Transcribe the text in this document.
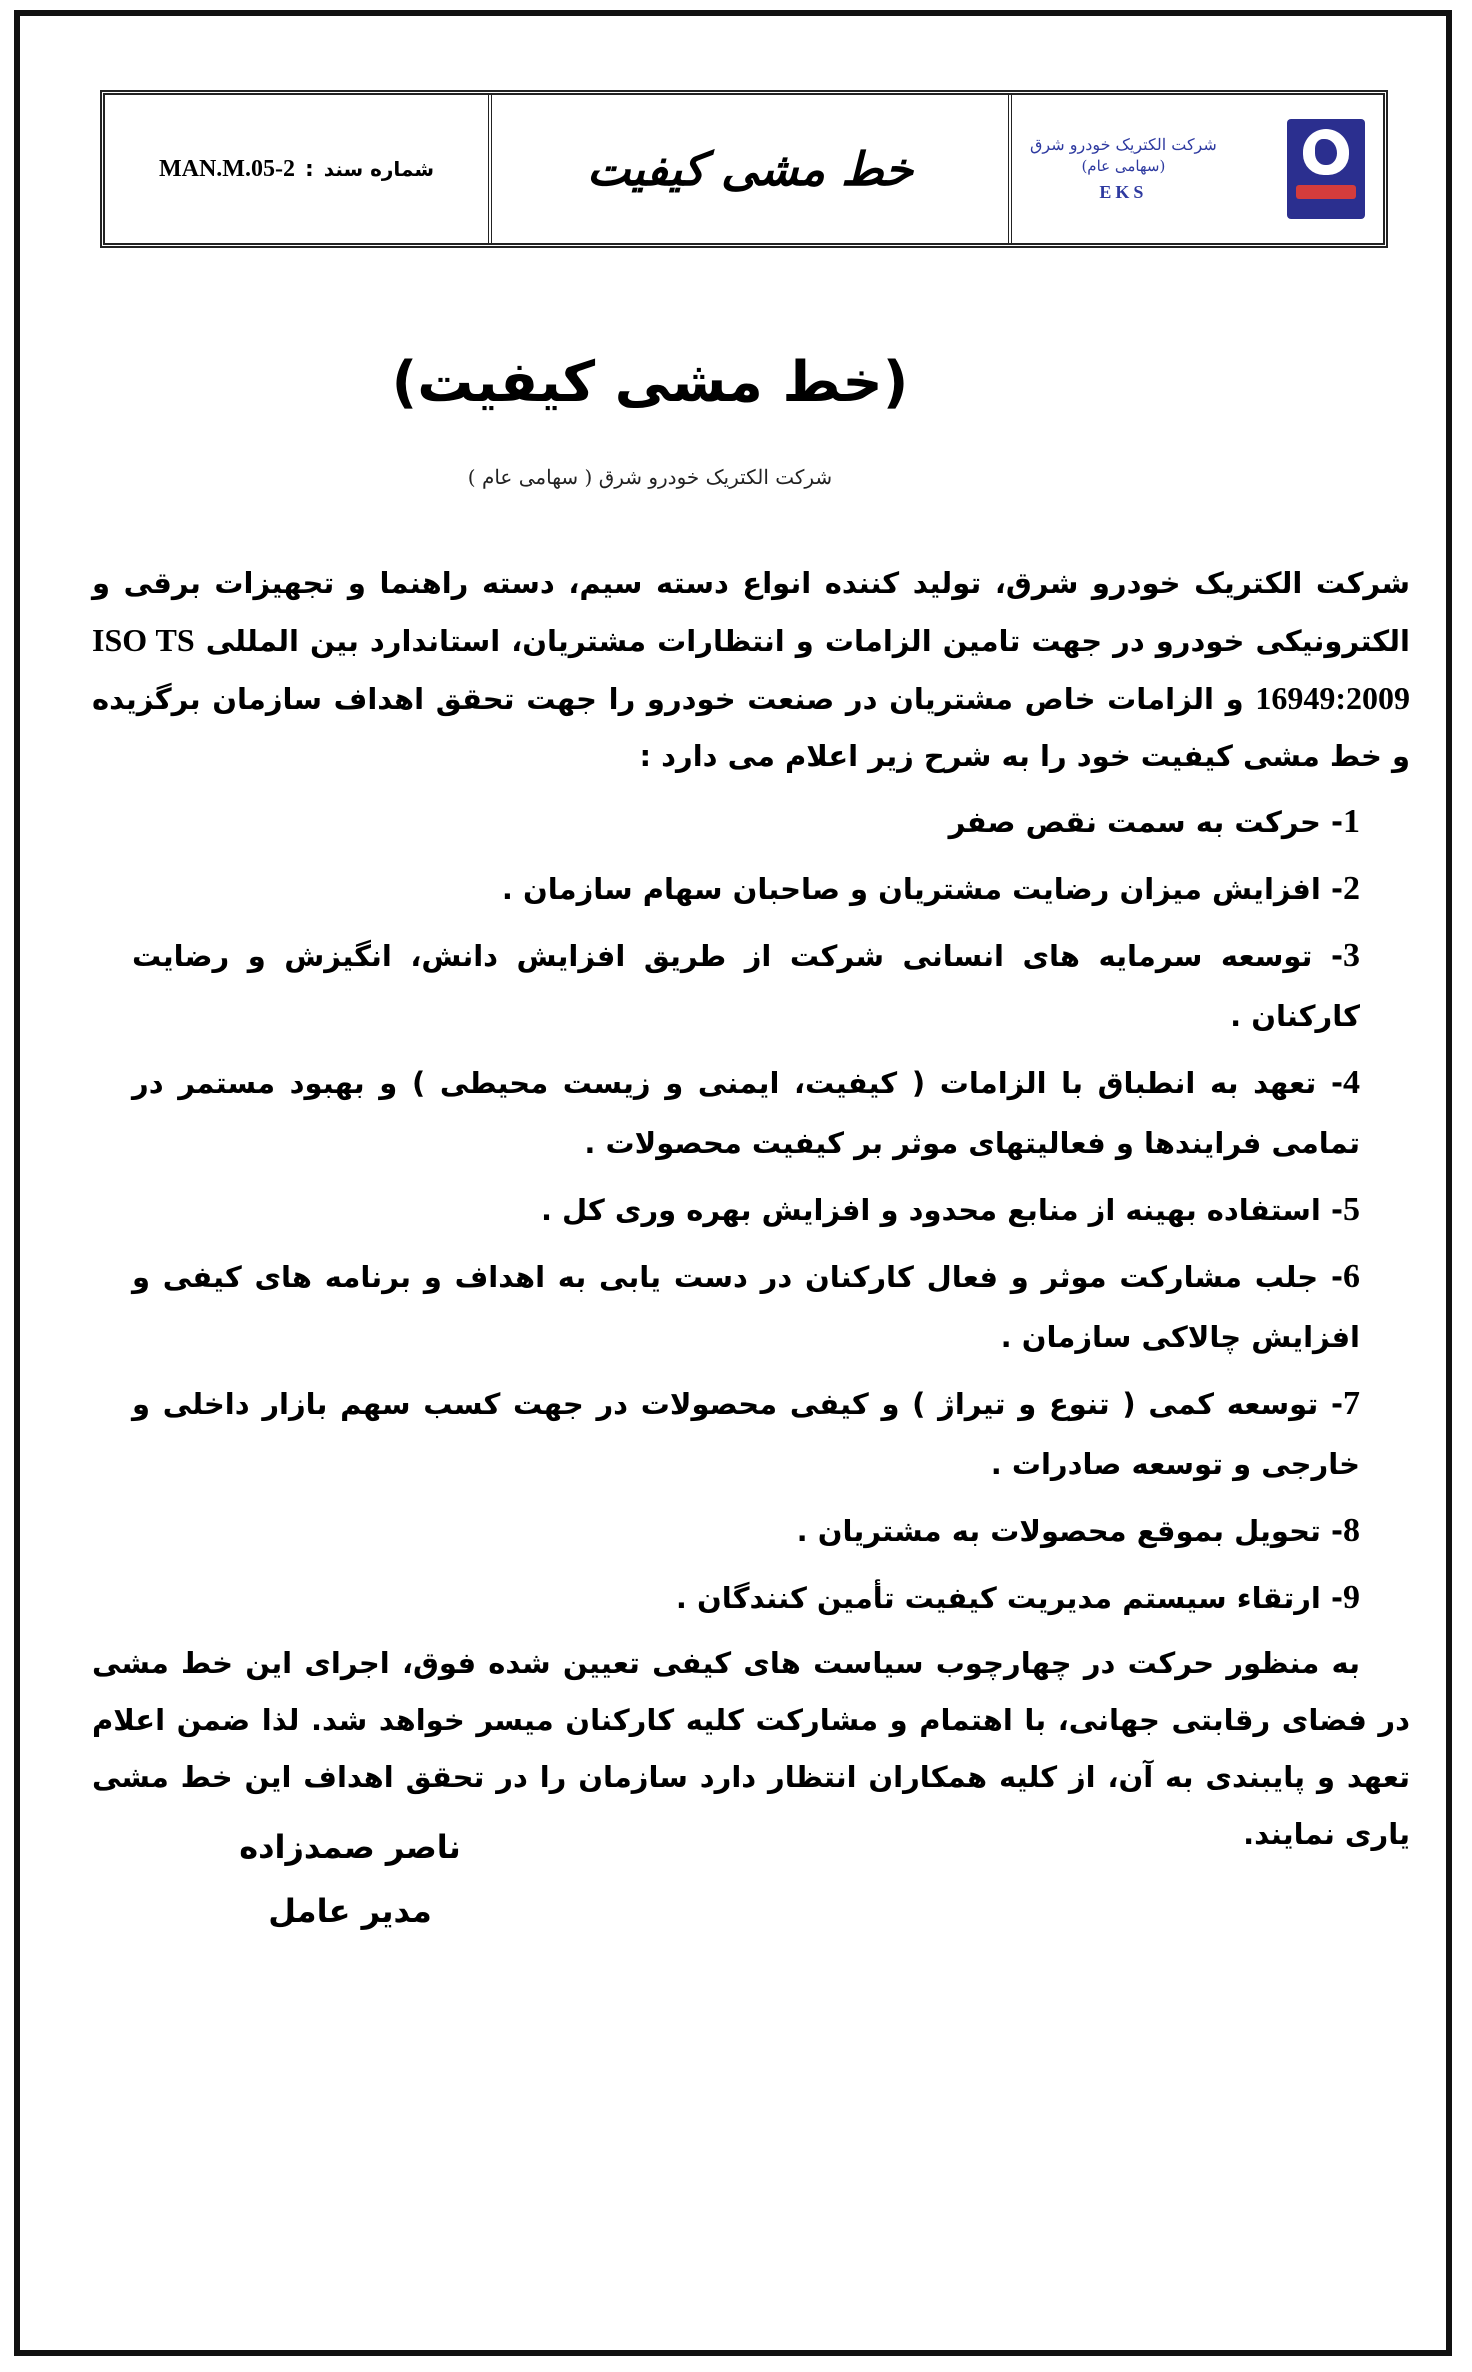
شرکت الکتریک خودرو شرق
(سهامی عام)
EKS
خط مشی کیفیت
شماره سند
:
MAN.M.05-2
(خط مشی کیفیت)
شرکت الکتریک خودرو شرق ( سهامی عام )

شرکت الکتریک خودرو شرق، تولید کننده انواع دسته سیم، دسته راهنما و تجهیزات برقی و الکترونیکی خودرو در جهت تامین الزامات و انتظارات مشتریان، استاندارد بین المللی ISO TS 16949:2009 و الزامات خاص مشتریان در صنعت خودرو را جهت تحقق اهداف سازمان برگزیده و خط مشی کیفیت خود را به شرح زیر اعلام می دارد :

1- حرکت به سمت نقص صفر
2- افزایش میزان رضایت مشتریان و صاحبان سهام سازمان .
3- توسعه سرمایه های انسانی شرکت از طریق افزایش دانش، انگیزش و رضایت کارکنان .
4- تعهد به انطباق با الزامات ( کیفیت، ایمنی و زیست محیطی ) و بهبود مستمر در تمامی فرایندها و فعالیتهای موثر بر کیفیت محصولات .
5- استفاده بهینه از منابع محدود و افزایش بهره وری کل .
6- جلب مشارکت موثر و فعال کارکنان در دست یابی به اهداف و برنامه های کیفی و افزایش چالاکی سازمان .
7- توسعه کمی ( تنوع و تیراژ ) و کیفی محصولات در جهت کسب سهم بازار داخلی و خارجی و توسعه صادرات .
8- تحویل بموقع محصولات به مشتریان .
9- ارتقاء سیستم مدیریت کیفیت تأمین کنندگان .

به منظور حرکت در چهارچوب سیاست های کیفی تعیین شده فوق، اجرای این خط مشی در فضای رقابتی جهانی، با اهتمام و مشارکت کلیه کارکنان میسر خواهد شد. لذا ضمن اعلام تعهد و پایبندی به آن، از کلیه همکاران انتظار دارد سازمان را در تحقق اهداف این خط مشی یاری نمایند.

ناصر صمدزاده
مدیر عامل
